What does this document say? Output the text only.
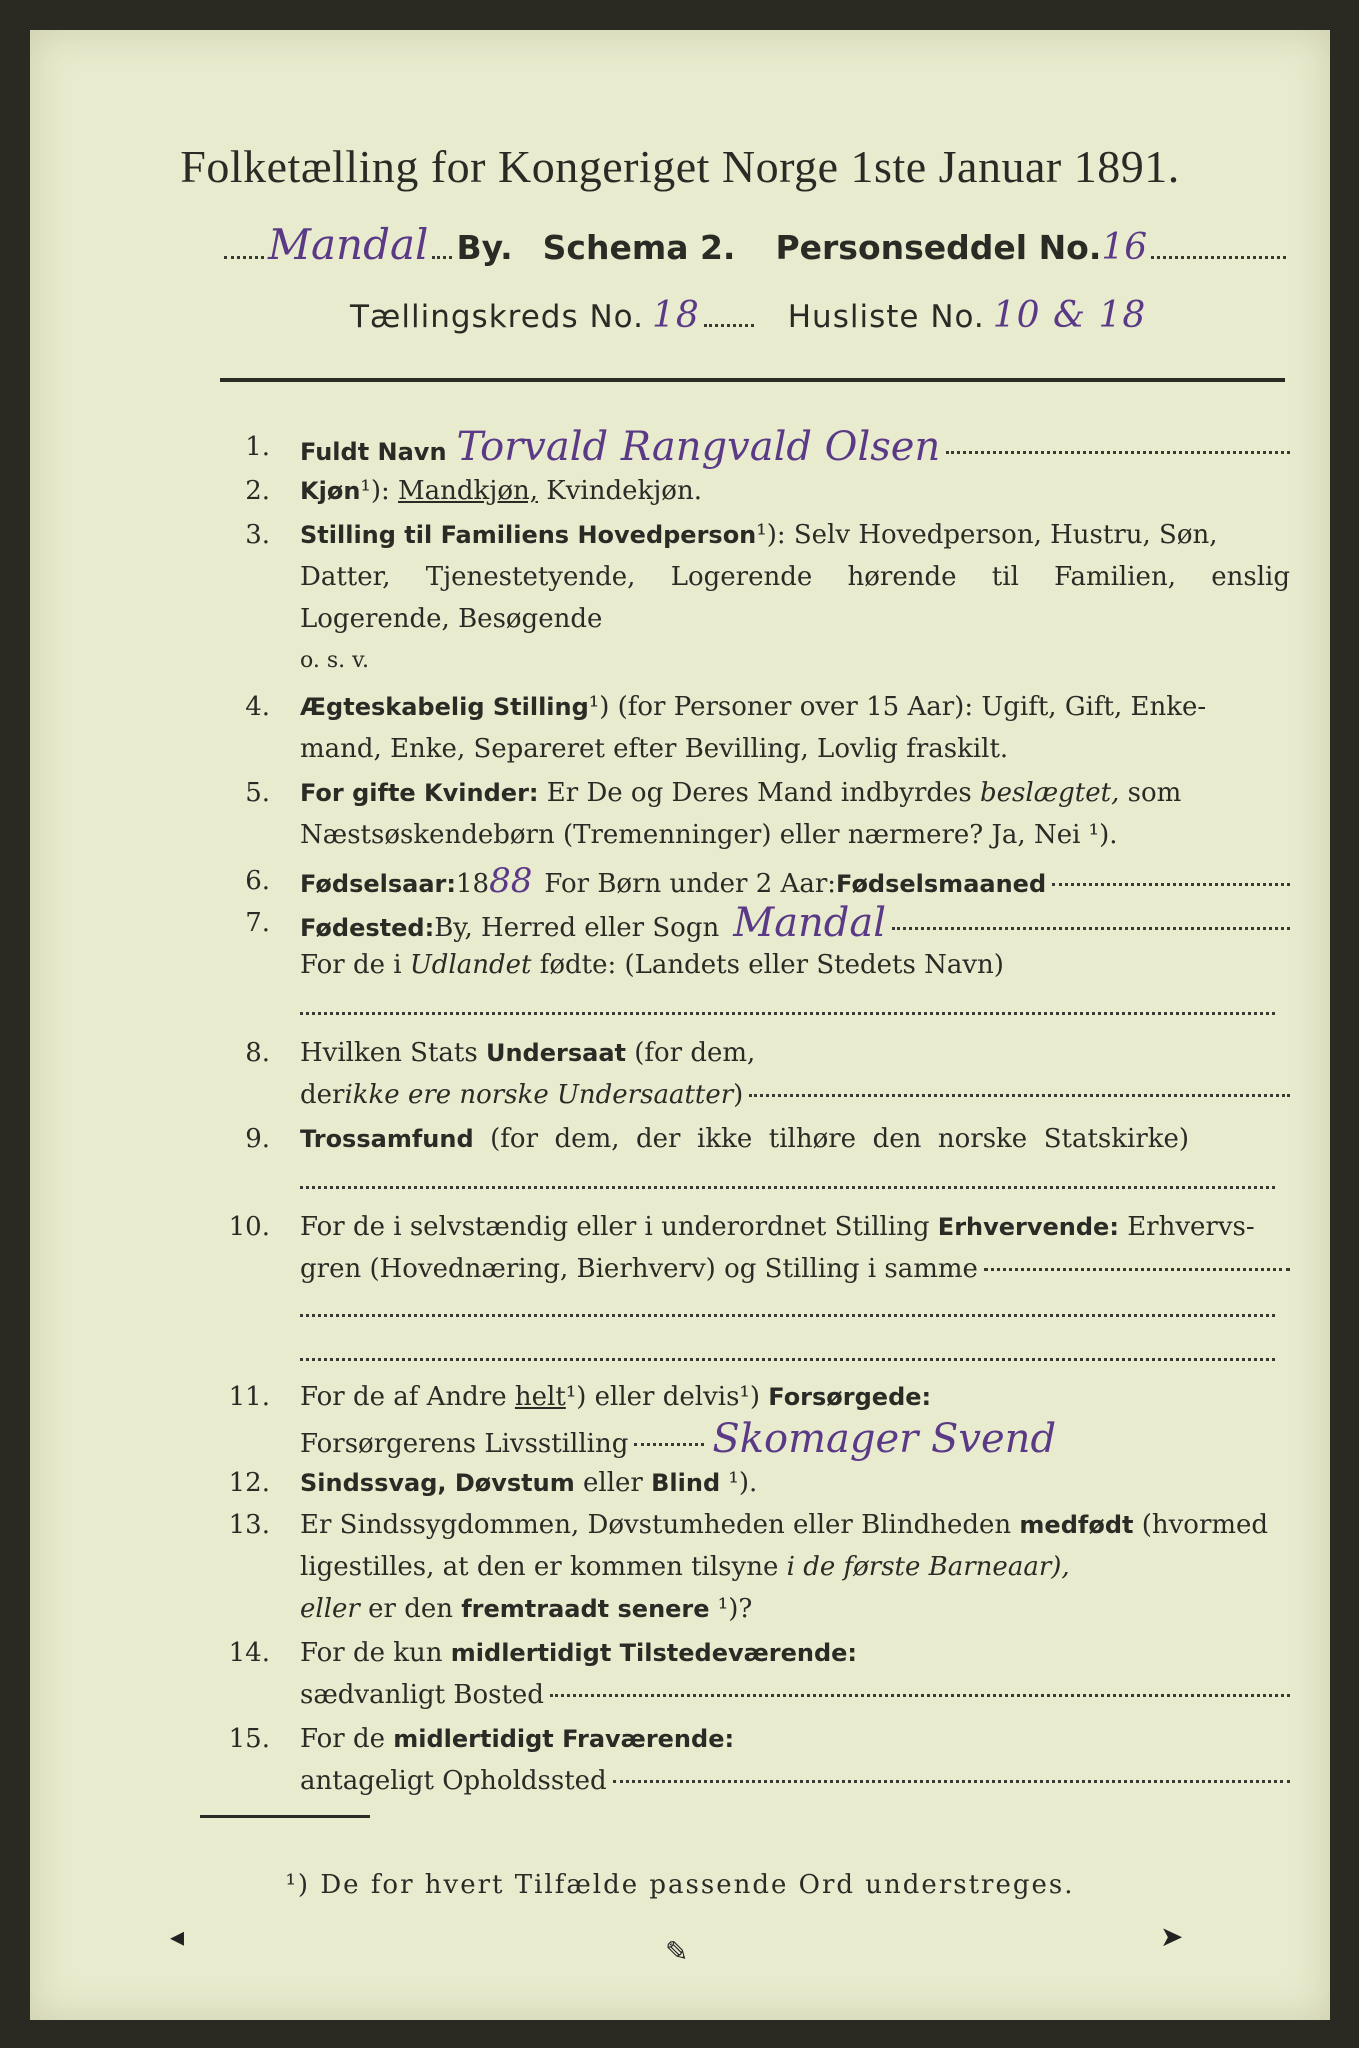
Folketælling for Kongeriget Norge 1ste Januar 1891.
Mandal By. Schema 2. Personseddel No. 16
Tællingskreds No. 18	Husliste No. 10 & 18
1. Fuldt Navn Torvald Rangvald Olsen
2. Kjøn¹): Mandkjøn, Kvindekjøn.
3. Stilling til Familiens Hovedperson¹): Selv Hovedperson, Hustru, Søn,
Datter, Tjenestetyende, Logerende hørende til Familien, enslig
Logerende, Besøgende
o. s. v.
4. Ægteskabelig Stilling¹) (for Personer over 15 Aar): Ugift, Gift, Enke-
mand, Enke, Separeret efter Bevilling, Lovlig fraskilt.
5. For gifte Kvinder: Er De og Deres Mand indbyrdes beslægtet, som
Næstsøskendebørn (Tremenninger) eller nærmere? Ja, Nei ¹).
6. Fødselsaar: 18 88 For Børn under 2 Aar: Fødselsmaaned
7. Fødested: By, Herred eller Sogn Mandal
For de i Udlandet fødte: (Landets eller Stedets Navn)
8. Hvilken Stats Undersaat (for dem,
der ikke ere norske Undersaatter )
9. Trossamfund  (for  dem,  der  ikke  tilhøre  den  norske  Statskirke)
10. For de i selvstændig eller i underordnet Stilling Erhvervende: Erhvervs-
gren (Hovednæring, Bierhverv) og Stilling i samme
11. For de af Andre helt¹) eller delvis¹) Forsørgede:
Forsørgerens Livsstilling Skomager Svend
12. Sindssvag, Døvstum eller Blind ¹).
13. Er Sindssygdommen, Døvstumheden eller Blindheden medfødt (hvormed
ligestilles, at den er kommen tilsyne i de første Barneaar),
eller er den fremtraadt senere ¹)?
14. For de kun midlertidigt Tilstedeværende:
sædvanligt Bosted
15. For de midlertidigt Fraværende:
antageligt Opholdssted
¹) De for hvert Tilfælde passende Ord understreges.
◂	✎	➤
